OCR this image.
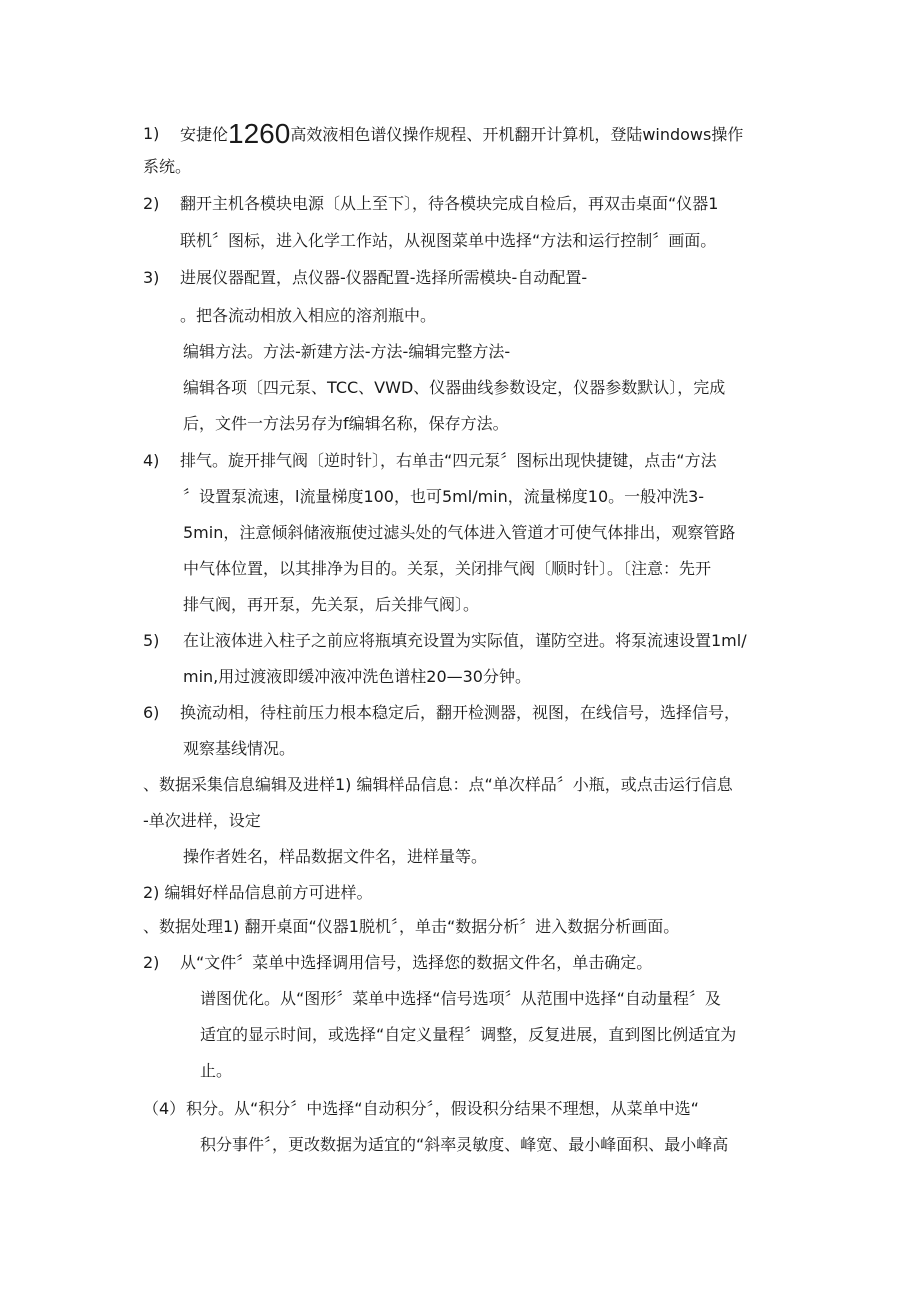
1) 安捷伦1260高效液相色谱仪操作规程、开机翻开计算机，登陆windows操作
系统。
2) 翻开主机各模块电源〔从上至下〕，待各模块完成自检后，再双击桌面“仪器1
联机〞图标，进入化学工作站，从视图菜单中选择“方法和运行控制〞画面。
3) 进展仪器配置，点仪器-仪器配置-选择所需模块-自动配置-
。把各流动相放入相应的溶剂瓶中。
编辑方法。方法-新建方法-方法-编辑完整方法-
编辑各项〔四元泵、TCC、VWD、仪器曲线参数设定，仪器参数默认〕，完成
后，文件一方法另存为f编辑名称，保存方法。
4) 排气。旋开排气阀〔逆时针〕，右单击“四元泵〞图标出现快捷键，点击“方法
〞设置泵流速，l流量梯度100，也可5ml/min，流量梯度10。一般冲洗3-
5min，注意倾斜储液瓶使过滤头处的气体进入管道才可使气体排出，观察管路
中气体位置，以其排净为目的。关泵，关闭排气阀〔顺时针〕。〔注意：先开
排气阀，再开泵，先关泵，后关排气阀〕。
5) 在让液体进入柱子之前应将瓶填充设置为实际值，谨防空进。将泵流速设置1ml/
min,用过渡液即缓冲液冲洗色谱柱20—30分钟。
6) 换流动相，待柱前压力根本稳定后，翻开检测器，视图，在线信号，选择信号，
观察基线情况。
、数据采集信息编辑及进样1) 编辑样品信息：点“单次样品〞小瓶，或点击运行信息
-单次进样，设定
操作者姓名，样品数据文件名，进样量等。
2) 编辑好样品信息前方可进样。
、数据处理1) 翻开桌面“仪器1脱机〞，单击“数据分析〞进入数据分析画面。
2) 从“文件〞菜单中选择调用信号，选择您的数据文件名，单击确定。
谱图优化。从“图形〞菜单中选择“信号选项〞从范围中选择“自动量程〞及
适宜的显示时间，或选择“自定义量程〞调整，反复进展，直到图比例适宜为
止。
（4） 积分。从“积分〞中选择“自动积分〞，假设积分结果不理想，从菜单中选“
积分事件〞，更改数据为适宜的“斜率灵敏度、峰宽、最小峰面积、最小峰高
